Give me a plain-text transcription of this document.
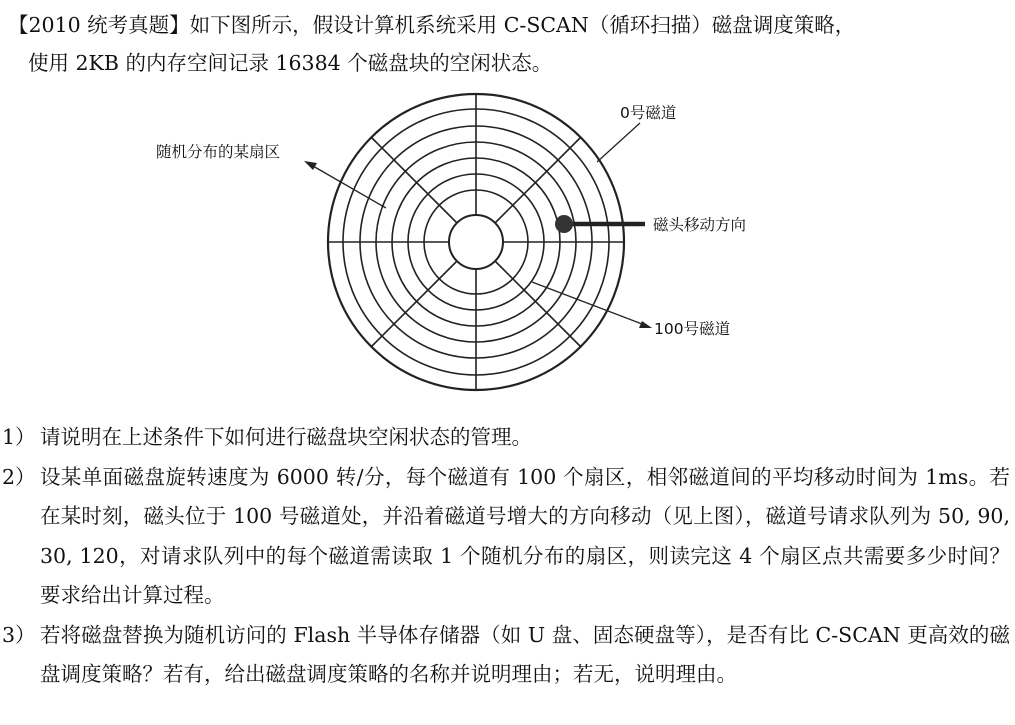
【2010 统考真题】如下图所示，假设计算机系统采用 C-SCAN（循环扫描）磁盘调度策略，
使用 2KB 的内存空间记录 16384 个磁盘块的空闲状态。
随机分布的某扇区
0号磁道
磁头移动方向
100号磁道
1） 请说明在上述条件下如何进行磁盘块空闲状态的管理。
2） 设某单面磁盘旋转速度为 6000 转/分，每个磁道有 100 个扇区，相邻磁道间的平均移动时间为 1ms。若在某时刻，磁头位于 100 号磁道处，并沿着磁道号增大的方向移动（见上图），磁道号请求队列为 50, 90, 30, 120，对请求队列中的每个磁道需读取 1 个随机分布的扇区，则读完这 4 个扇区点共需要多少时间？要求给出计算过程。
3） 若将磁盘替换为随机访问的 Flash 半导体存储器（如 U 盘、固态硬盘等），是否有比 C-SCAN 更高效的磁盘调度策略？若有，给出磁盘调度策略的名称并说明理由；若无，说明理由。
